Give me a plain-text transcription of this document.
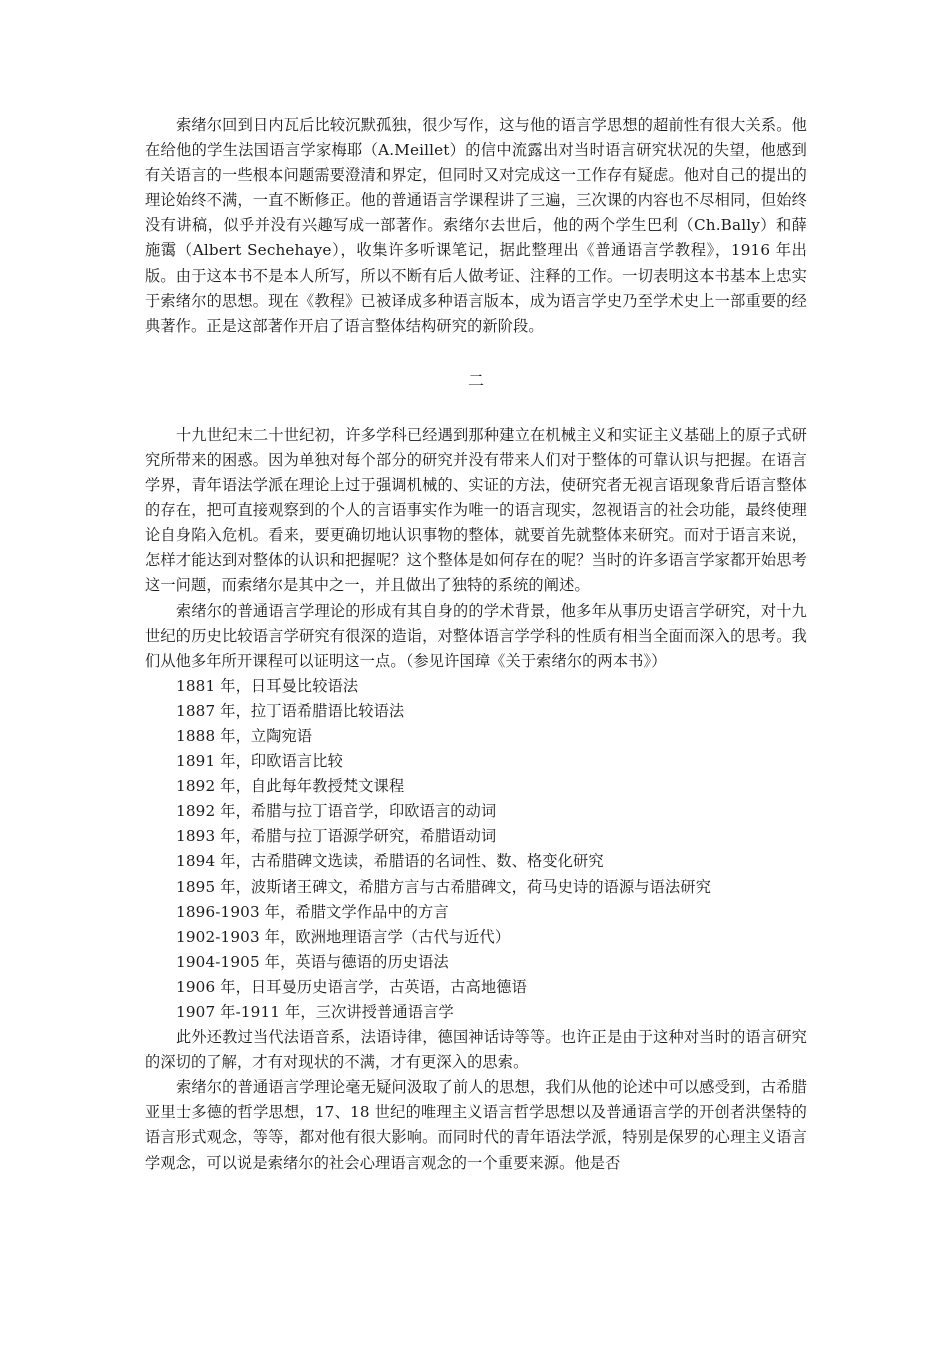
索绪尔回到日内瓦后比较沉默孤独，很少写作，这与他的语言学思想的超前性有很大关系。他在给他的学生法国语言学家梅耶（A.Meillet）的信中流露出对当时语言研究状况的失望，他感到有关语言的一些根本问题需要澄清和界定，但同时又对完成这一工作存有疑虑。他对自己的提出的理论始终不满，一直不断修正。他的普通语言学课程讲了三遍，三次课的内容也不尽相同，但始终没有讲稿，似乎并没有兴趣写成一部著作。索绪尔去世后，他的两个学生巴利（Ch.Bally）和薛施霭（Albert Sechehaye），收集许多听课笔记，据此整理出《普通语言学教程》，1916 年出版。由于这本书不是本人所写，所以不断有后人做考证、注释的工作。一切表明这本书基本上忠实于索绪尔的思想。现在《教程》已被译成多种语言版本，成为语言学史乃至学术史上一部重要的经典著作。正是这部著作开启了语言整体结构研究的新阶段。

二

十九世纪末二十世纪初，许多学科已经遇到那种建立在机械主义和实证主义基础上的原子式研究所带来的困惑。因为单独对每个部分的研究并没有带来人们对于整体的可靠认识与把握。在语言学界，青年语法学派在理论上过于强调机械的、实证的方法，使研究者无视言语现象背后语言整体的存在，把可直接观察到的个人的言语事实作为唯一的语言现实，忽视语言的社会功能，最终使理论自身陷入危机。看来，要更确切地认识事物的整体，就要首先就整体来研究。而对于语言来说，怎样才能达到对整体的认识和把握呢？这个整体是如何存在的呢？当时的许多语言学家都开始思考这一问题，而索绪尔是其中之一，并且做出了独特的系统的阐述。

索绪尔的普通语言学理论的形成有其自身的的学术背景，他多年从事历史语言学研究，对十九世纪的历史比较语言学研究有很深的造诣，对整体语言学学科的性质有相当全面而深入的思考。我们从他多年所开课程可以证明这一点。（参见许国璋《关于索绪尔的两本书》）

1881 年，日耳曼比较语法
1887 年，拉丁语希腊语比较语法
1888 年，立陶宛语
1891 年，印欧语言比较
1892 年，自此每年教授梵文课程
1892 年，希腊与拉丁语音学，印欧语言的动词
1893 年，希腊与拉丁语源学研究，希腊语动词
1894 年，古希腊碑文选读，希腊语的名词性、数、格变化研究
1895 年，波斯诸王碑文，希腊方言与古希腊碑文，荷马史诗的语源与语法研究
1896-1903 年，希腊文学作品中的方言
1902-1903 年，欧洲地理语言学（古代与近代）
1904-1905 年，英语与德语的历史语法
1906 年，日耳曼历史语言学，古英语，古高地德语
1907 年-1911 年，三次讲授普通语言学

此外还教过当代法语音系，法语诗律，德国神话诗等等。也许正是由于这种对当时的语言研究的深切的了解，才有对现状的不满，才有更深入的思索。

索绪尔的普通语言学理论毫无疑问汲取了前人的思想，我们从他的论述中可以感受到，古希腊亚里士多德的哲学思想，17、18 世纪的唯理主义语言哲学思想以及普通语言学的开创者洪堡特的语言形式观念，等等，都对他有很大影响。而同时代的青年语法学派，特别是保罗的心理主义语言学观念，可以说是索绪尔的社会心理语言观念的一个重要来源。他是否
